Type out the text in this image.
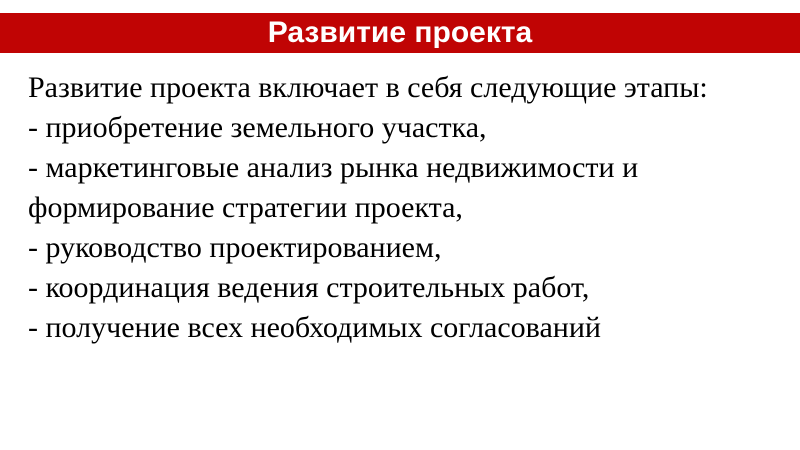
Развитие проекта
Развитие проекта включает в себя следующие этапы:
- приобретение земельного участка,
- маркетинговые анализ рынка недвижимости и
формирование стратегии проекта,
- руководство проектированием,
- координация ведения строительных работ,
- получение всех необходимых согласований
